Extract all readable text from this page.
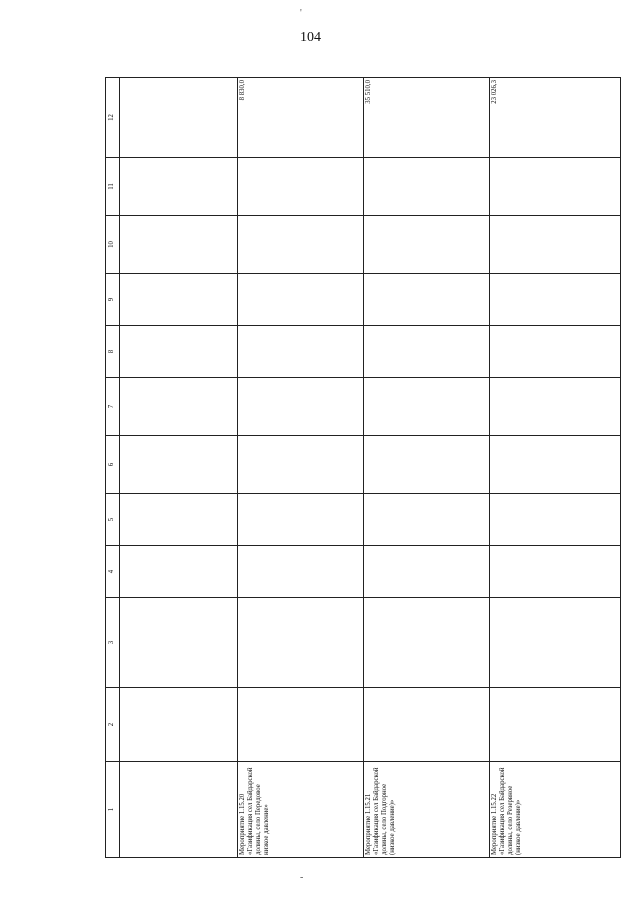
'
104
1	2	3	4	5	6	7	8	9	10	11	12

Мероприятие 1.15.20 «Газификация сел Байдарской долины, село Передовое низкое давление»											8 830,0
Мероприятие 1.15.21 «Газификация сел Байдарской долины, село Подгорное (низкое давление)»											35 510,0
Мероприятие 1.15.22 «Газификация сел Байдарской долины, село Резервное (низкое давление)»											23 026,3
-
